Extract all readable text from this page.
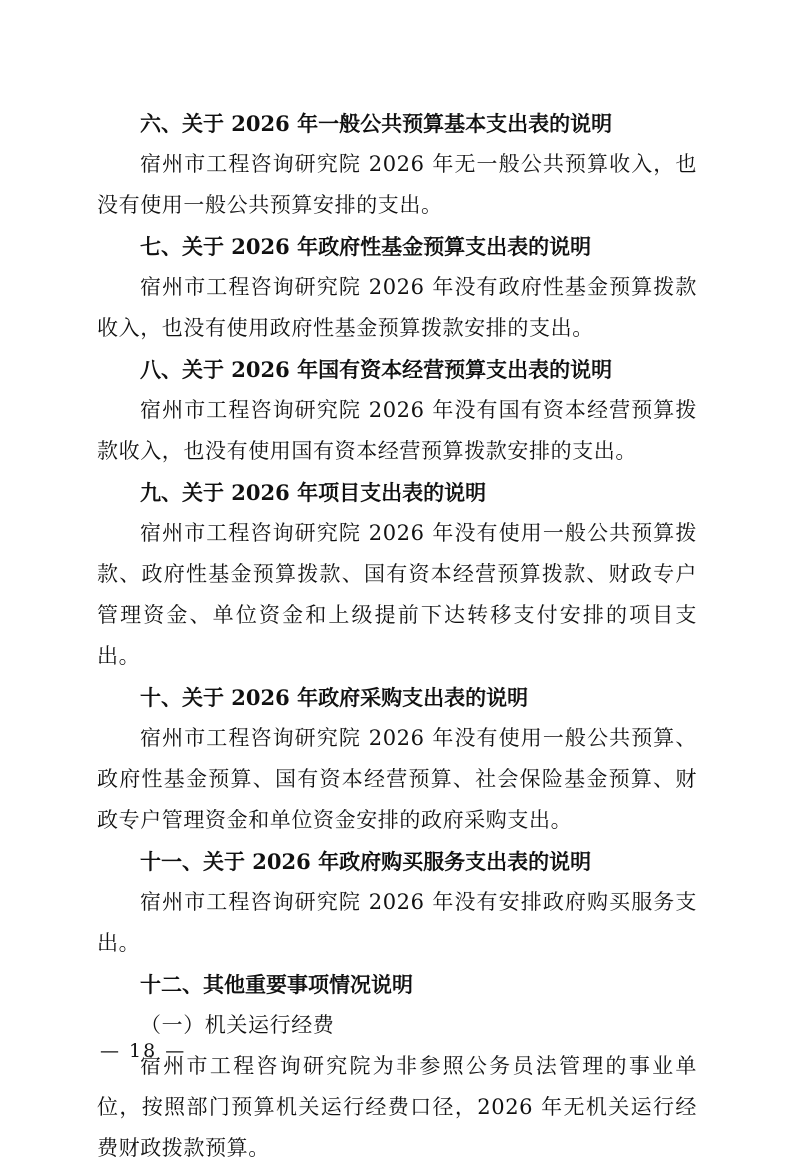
六、关于 2026 年一般公共预算基本支出表的说明

宿州市工程咨询研究院 2026 年无一般公共预算收入，也没有使用一般公共预算安排的支出。

七、关于 2026 年政府性基金预算支出表的说明

宿州市工程咨询研究院 2026 年没有政府性基金预算拨款收入，也没有使用政府性基金预算拨款安排的支出。

八、关于 2026 年国有资本经营预算支出表的说明

宿州市工程咨询研究院 2026 年没有国有资本经营预算拨款收入，也没有使用国有资本经营预算拨款安排的支出。

九、关于 2026 年项目支出表的说明

宿州市工程咨询研究院 2026 年没有使用一般公共预算拨款、政府性基金预算拨款、国有资本经营预算拨款、财政专户管理资金、单位资金和上级提前下达转移支付安排的项目支出。

十、关于 2026 年政府采购支出表的说明

宿州市工程咨询研究院 2026 年没有使用一般公共预算、政府性基金预算、国有资本经营预算、社会保险基金预算、财政专户管理资金和单位资金安排的政府采购支出。

十一、关于 2026 年政府购买服务支出表的说明

宿州市工程咨询研究院 2026 年没有安排政府购买服务支出。

十二、其他重要事项情况说明

（一）机关运行经费

宿州市工程咨询研究院为非参照公务员法管理的事业单位，按照部门预算机关运行经费口径，2026 年无机关运行经费财政拨款预算。

— 18 —
